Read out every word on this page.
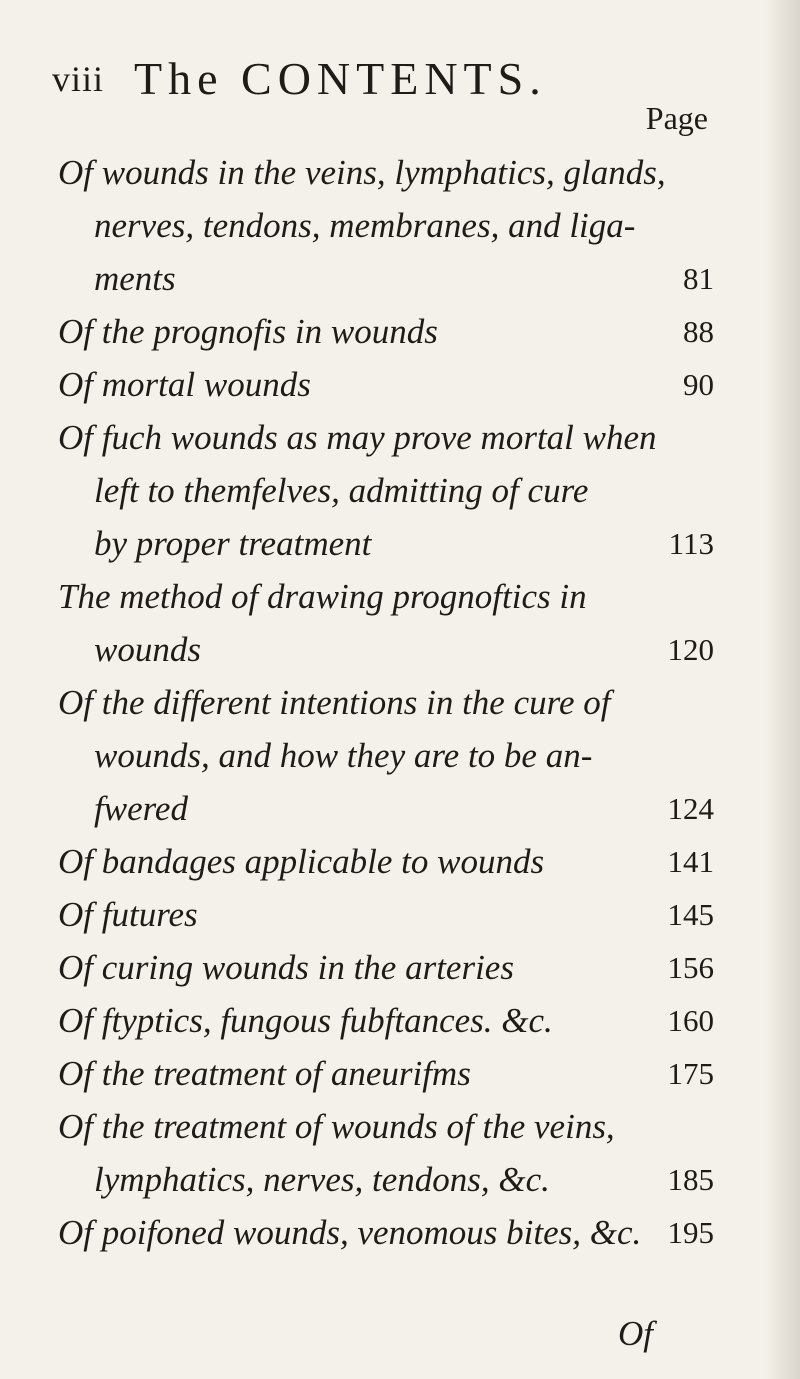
viii The CONTENTS.
Page
Of wounds in the veins, lymphatics, glands,
nerves, tendons, membranes, and liga-
ments	81
Of the prognofis in wounds	88
Of mortal wounds	90
Of fuch wounds as may prove mortal when
left to themfelves, admitting of cure
by proper treatment	113
The method of drawing prognoftics in
wounds	120
Of the different intentions in the cure of
wounds, and how they are to be an-
fwered	124
Of bandages applicable to wounds	141
Of futures	145
Of curing wounds in the arteries	156
Of ftyptics, fungous fubftances. &c.	160
Of the treatment of aneurifms	175
Of the treatment of wounds of the veins,
lymphatics, nerves, tendons, &c.	185
Of poifoned wounds, venomous bites, &c. 195
Of
